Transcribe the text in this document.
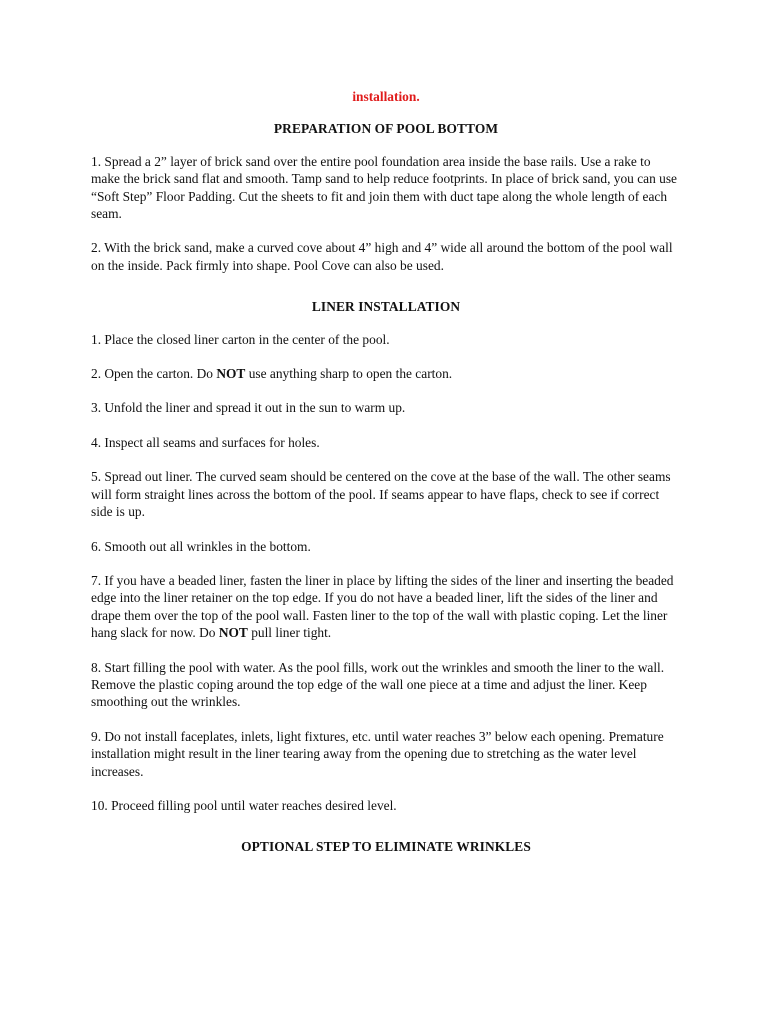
installation.
PREPARATION OF POOL BOTTOM

1. Spread a 2” layer of brick sand over the entire pool foundation area inside the base rails. Use a rake to make the brick sand flat and smooth. Tamp sand to help reduce footprints. In place of brick sand, you can use “Soft Step” Floor Padding. Cut the sheets to fit and join them with duct tape along the whole length of each seam.

2. With the brick sand, make a curved cove about 4” high and 4” wide all around the bottom of the pool wall on the inside. Pack firmly into shape. Pool Cove can also be used.

LINER INSTALLATION

1. Place the closed liner carton in the center of the pool.

2. Open the carton. Do NOT use anything sharp to open the carton.

3. Unfold the liner and spread it out in the sun to warm up.

4. Inspect all seams and surfaces for holes.

5. Spread out liner. The curved seam should be centered on the cove at the base of the wall. The other seams will form straight lines across the bottom of the pool. If seams appear to have flaps, check to see if correct side is up.

6. Smooth out all wrinkles in the bottom.

7. If you have a beaded liner, fasten the liner in place by lifting the sides of the liner and inserting the beaded edge into the liner retainer on the top edge. If you do not have a beaded liner, lift the sides of the liner and drape them over the top of the pool wall. Fasten liner to the top of the wall with plastic coping. Let the liner hang slack for now. Do NOT pull liner tight.

8. Start filling the pool with water. As the pool fills, work out the wrinkles and smooth the liner to the wall. Remove the plastic coping around the top edge of the wall one piece at a time and adjust the liner. Keep smoothing out the wrinkles.

9. Do not install faceplates, inlets, light fixtures, etc. until water reaches 3” below each opening. Premature installation might result in the liner tearing away from the opening due to stretching as the water level increases.

10. Proceed filling pool until water reaches desired level.

OPTIONAL STEP TO ELIMINATE WRINKLES
